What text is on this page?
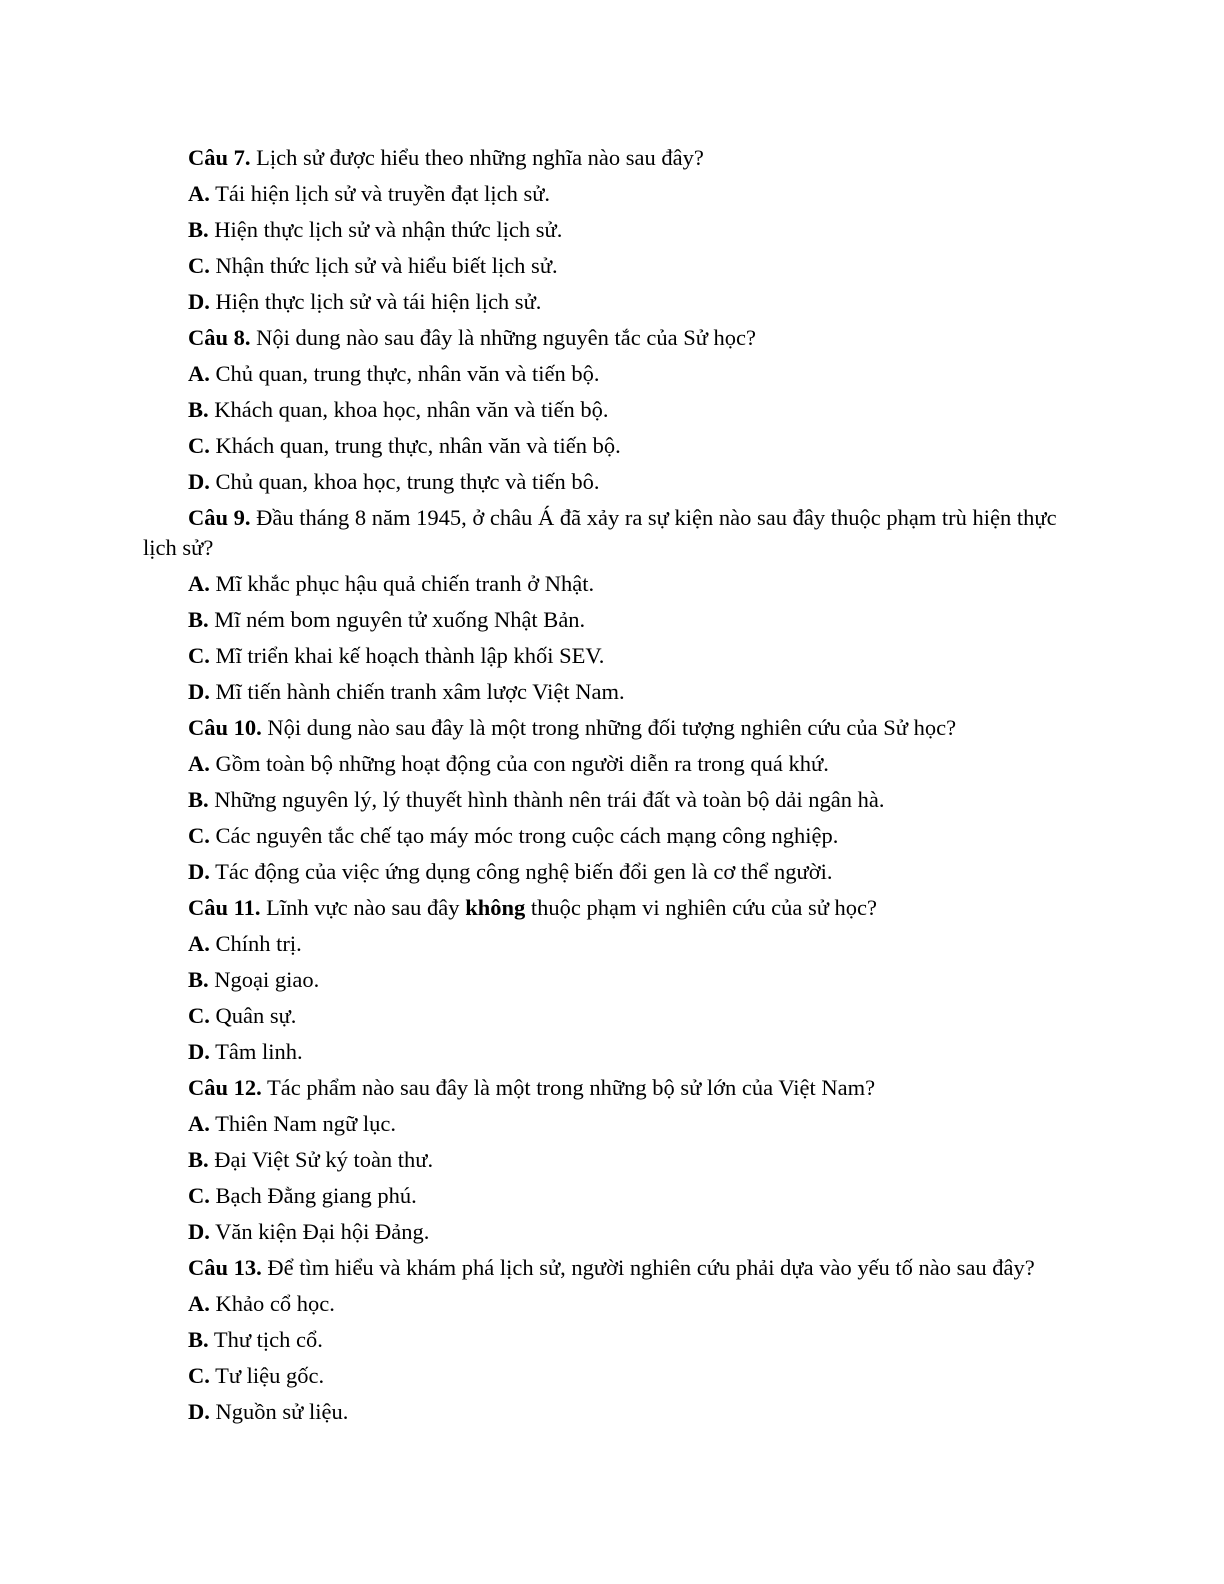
Câu 7. Lịch sử được hiểu theo những nghĩa nào sau đây?
A. Tái hiện lịch sử và truyền đạt lịch sử.
B. Hiện thực lịch sử và nhận thức lịch sử.
C. Nhận thức lịch sử và hiểu biết lịch sử.
D. Hiện thực lịch sử và tái hiện lịch sử.
Câu 8. Nội dung nào sau đây là những nguyên tắc của Sử học?
A. Chủ quan, trung thực, nhân văn và tiến bộ.
B. Khách quan, khoa học, nhân văn và tiến bộ.
C. Khách quan, trung thực, nhân văn và tiến bộ.
D. Chủ quan, khoa học, trung thực và tiến bô.
Câu 9. Đầu tháng 8 năm 1945, ở châu Á đã xảy ra sự kiện nào sau đây thuộc phạm trù hiện thực lịch sử?
A. Mĩ khắc phục hậu quả chiến tranh ở Nhật.
B. Mĩ ném bom nguyên tử xuống Nhật Bản.
C. Mĩ triển khai kế hoạch thành lập khối SEV.
D. Mĩ tiến hành chiến tranh xâm lược Việt Nam.
Câu 10. Nội dung nào sau đây là một trong những đối tượng nghiên cứu của Sử học?
A. Gồm toàn bộ những hoạt động của con người diễn ra trong quá khứ.
B. Những nguyên lý, lý thuyết hình thành nên trái đất và toàn bộ dải ngân hà.
C. Các nguyên tắc chế tạo máy móc trong cuộc cách mạng công nghiệp.
D. Tác động của việc ứng dụng công nghệ biến đổi gen là cơ thể người.
Câu 11. Lĩnh vực nào sau đây không thuộc phạm vi nghiên cứu của sử học?
A. Chính trị.
B. Ngoại giao.
C. Quân sự.
D. Tâm linh.
Câu 12. Tác phẩm nào sau đây là một trong những bộ sử lớn của Việt Nam?
A. Thiên Nam ngữ lục.
B. Đại Việt Sử ký toàn thư.
C. Bạch Đằng giang phú.
D. Văn kiện Đại hội Đảng.
Câu 13. Để tìm hiểu và khám phá lịch sử, người nghiên cứu phải dựa vào yếu tố nào sau đây?
A. Khảo cổ học.
B. Thư tịch cổ.
C. Tư liệu gốc.
D. Nguồn sử liệu.
